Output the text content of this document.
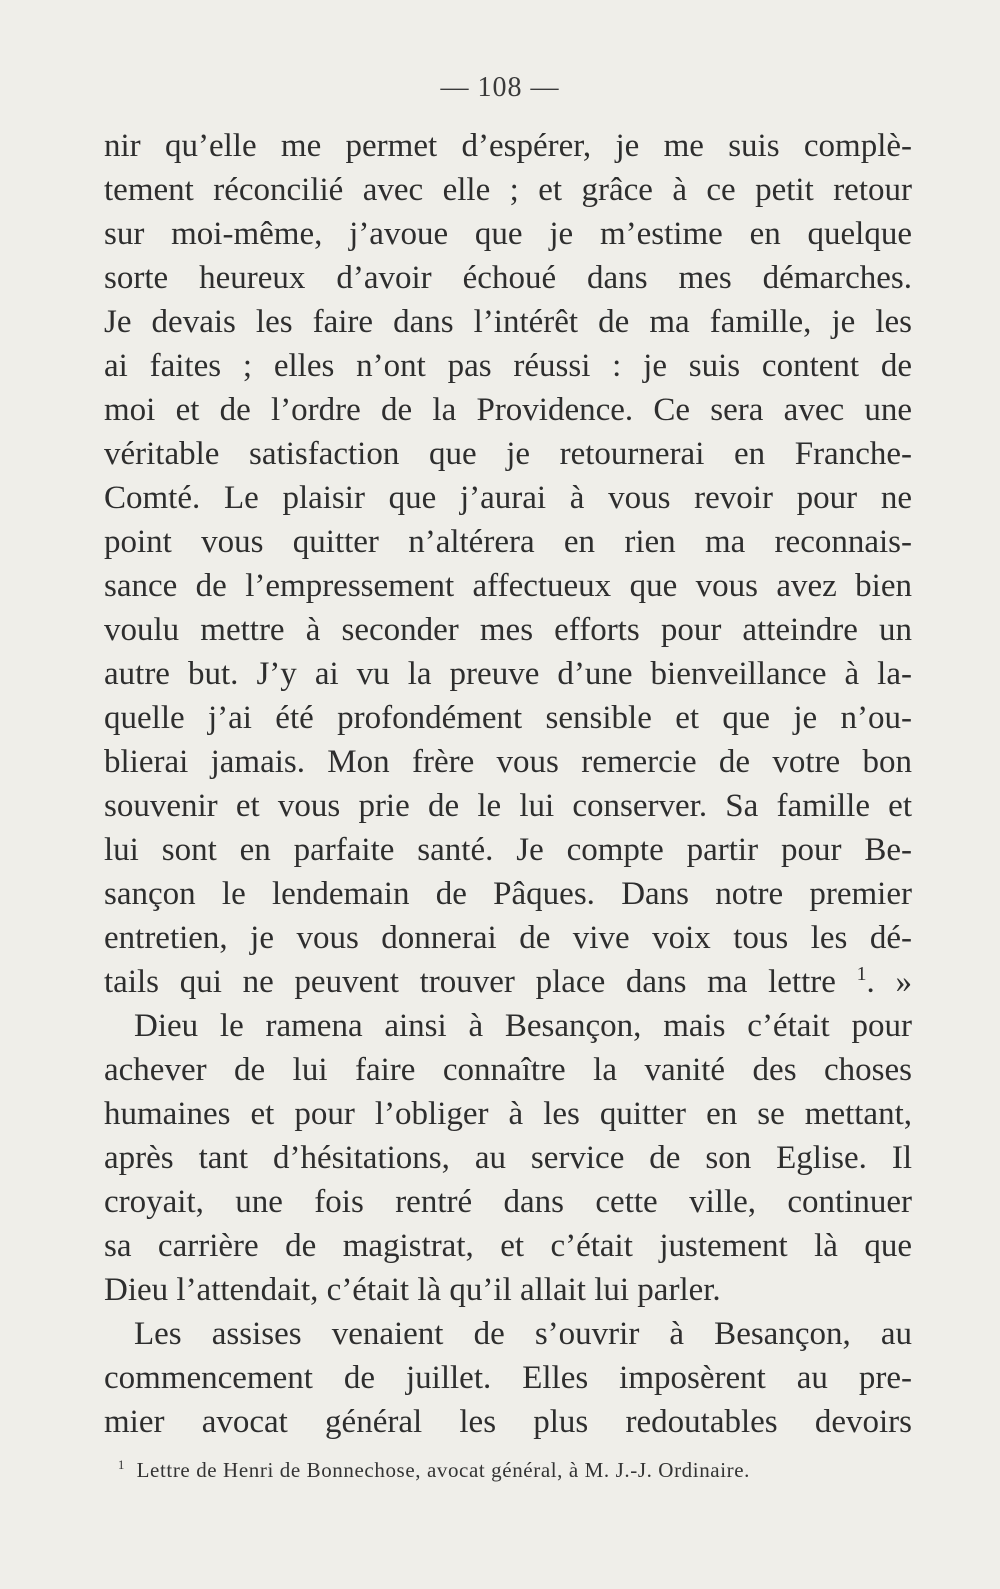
— 108 —
nir qu’elle me permet d’espérer, je me suis complè-
tement réconcilié avec elle ; et grâce à ce petit retour
sur moi-même, j’avoue que je m’estime en quelque
sorte heureux d’avoir échoué dans mes démarches.
Je devais les faire dans l’intérêt de ma famille, je les
ai faites ; elles n’ont pas réussi : je suis content de
moi et de l’ordre de la Providence. Ce sera avec une
véritable satisfaction que je retournerai en Franche-
Comté. Le plaisir que j’aurai à vous revoir pour ne
point vous quitter n’altérera en rien ma reconnais-
sance de l’empressement affectueux que vous avez bien
voulu mettre à seconder mes efforts pour atteindre un
autre but. J’y ai vu la preuve d’une bienveillance à la-
quelle j’ai été profondément sensible et que je n’ou-
blierai jamais. Mon frère vous remercie de votre bon
souvenir et vous prie de le lui conserver. Sa famille et
lui sont en parfaite santé. Je compte partir pour Be-
sançon le lendemain de Pâques. Dans notre premier
entretien, je vous donnerai de vive voix tous les dé-
tails qui ne peuvent trouver place dans ma lettre $^1$. »
Dieu le ramena ainsi à Besançon, mais c’était pour
achever de lui faire connaître la vanité des choses
humaines et pour l’obliger à les quitter en se mettant,
après tant d’hésitations, au service de son Eglise. Il
croyait, une fois rentré dans cette ville, continuer
sa carrière de magistrat, et c’était justement là que
Dieu l’attendait, c’était là qu’il allait lui parler.
Les assises venaient de s’ouvrir à Besançon, au
commencement de juillet. Elles imposèrent au pre-
mier avocat général les plus redoutables devoirs
$^1$ Lettre de Henri de Bonnechose, avocat général, à M. J.-J. Ordinaire.
